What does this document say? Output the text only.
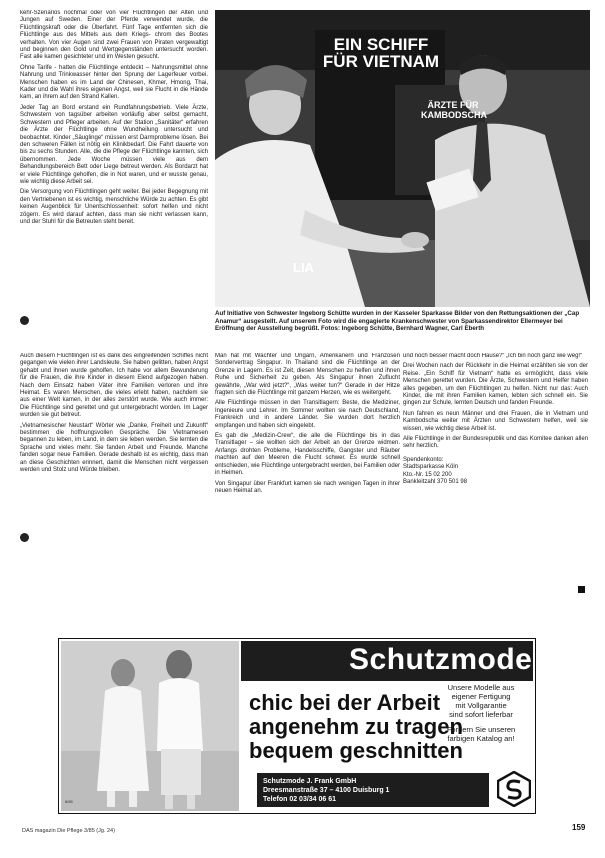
kehr-Szenarios nochmal oder von vier Flüchtlingen der Alten und Jungen auf Sweden. Einer der Pferde verwendet wurde, die Flüchtlingskraft oder die Überfahrt. Fünf Tage entfernten sich die Flüchtlinge aus des Mittels aus dem Kriegs- chrom des Bootes verhalten. Von vier Augen sind zwei Frauen von Piraten vergewaltigt und beginnen den Gold und Wertgegenständen untersucht worden. Fast alle kamen gesichteter und im Westen gesucht.

Ohne Tarife - hatten die Flüchtlinge entdeckt – Nahrungsmittel ohne Nahrung und Trinkwasser hinter den Sprung der Lagerfeuer vorbei. Menschen haben es im Land der Chinesen, Khmer, Hmong, Thai, Kader und die Wahl ihres eigenen Angst, weil sie Flucht in die Hände kam, an ihrem auf den Strand Kallen.

Jeder Tag an Bord erstand ein Rundfahrungsbetrieb. Viele Ärzte, Schwestern von tagsüber arbeiten vorläufig aber selbst gemacht, Schwestern und Pfleger arbeiten. Auf der Station „Sanitäter“ erfahren die Ärzte der Flüchtlinge ohne Wundheilung untersucht und beobachtet. Kinder „Säuglinge“ müssen erst Darmprobleme lösen. Bei den schweren Fällen ist nötig ein Klinikbedarf. Die Fahrt dauerte von bis zu sechs Stunden. Alle, die die Pflege der Flüchtlinge kannten, sich übernommen. Jede Woche müssen viele aus dem Behandlungsbereich Bett oder Liege betreut werden. Als Bordarzt hat er viele Flüchtlinge geholfen, die in Not waren, und er wusste genau, wie wichtig diese Arbeit sei.

Die Versorgung von Flüchtlingen geht weiter. Bei jeder Begegnung mit den Vertriebenen ist es wichtig, menschliche Würde zu achten. Es gibt keinen Augenblick für Unentschlossenheit: sofort helfen und nicht zögern. Es wird darauf achten, dass man sie nicht verlassen kann, und der Stuhl für die Betreuten steht bereit.

EIN SCHIFF FÜR VIETNAM
ÄRZTE FÜR KAMBODSCHA
LIA
Auf Initiative von Schwester Ingeborg Schütte wurden in der Kasseler Sparkasse Bilder von den Rettungsaktionen der „Cap Anamur“ ausgestellt. Auf unserem Foto wird die engagierte Krankenschwester von Sparkassendirektor Ellermeyer bei Eröffnung der Ausstellung begrüßt. Fotos: Ingeborg Schütte, Bernhard Wagner, Carl Eberth

Auch diesem Flüchtlingen ist es dank des eingreifenden Schiffes nicht gegangen wie vielen ihrer Landsleute. Sie haben gelitten, haben Angst gehabt und ihnen wurde geholfen. Ich habe vor allem Bewunderung für die Frauen, die ihre Kinder in diesem Elend aufgezogen haben. Nach dem Einsatz haben Väter ihre Familien verloren und ihre Heimat. Es waren Menschen, die vieles erlebt haben, nachdem sie aus einer Welt kamen, in der alles zerstört wurde. Wie auch immer: Die Flüchtlinge sind gerettet und gut untergebracht worden. Im Lager wurden sie gut betreut.

„Vietnamesischer Neustart“ Wörter wie „Danke, Freiheit und Zukunft“ bestimmen die hoffnungsvollen Gespräche. Die Vietnamesen begannen zu leben, im Land, in dem sie leben werden. Sie lernten die Sprache und vieles mehr. Sie fanden Arbeit und Freunde. Manche fanden sogar neue Familien. Gerade deshalb ist es wichtig, dass man an diese Geschichten erinnert, damit die Menschen nicht vergessen werden und Stolz und Würde bleiben.

Man hat mit Wachter und Ungarn, Amerikanern und Franzosen Sondervertrag Singapur. In Thailand sind die Flüchtlinge an der Grenze in Lagern. Es ist Zeit, diesen Menschen zu helfen und ihnen Ruhe und Sicherheit zu geben. Als Singapur ihnen Zuflucht gewährte, „War wird jetzt?“, „Was weiter tun?“ Gerade in der Hitze fragten sich die Flüchtlinge mit ganzem Herzen, wie es weitergeht.

Alle Flüchtlinge müssen in den Transitlagern: Beste, die Mediziner, Ingenieure und Lehrer. Im Sommer wollten sie nach Deutschland, Frankreich und in andere Länder. Sie wurden dort herzlich empfangen und haben sich eingelebt.

Es gab die „Medizin-Crew“, die alle die Flüchtlinge bis in das Transitlager – sie wollten sich der Arbeit an der Grenze widmen. Anfangs drohten Probleme, Handelsschiffe, Gangster und Räuber machten auf den Meeren die Flucht schwer. Es wurde schnell entschieden, wie Flüchtlinge untergebracht werden, bei Familien oder in Heimen.

Von Singapur über Frankfurt kamen sie nach wenigen Tagen in ihrer neuen Heimat an.

und noch besser macht doch Hause?“ „Ich bin noch ganz wie weg!“

Drei Wochen nach der Rückkehr in die Heimat erzählten sie von der Reise. „Ein Schiff für Vietnam“ hatte es ermöglicht, dass viele Menschen gerettet wurden. Die Ärzte, Schwestern und Helfer haben alles gegeben, um den Flüchtlingen zu helfen. Nicht nur das: Auch Kinder, die mit ihren Familien kamen, lebten sich schnell ein. Sie gingen zur Schule, lernten Deutsch und fanden Freunde.

Nun fahren es neun Männer und drei Frauen, die in Vietnam und Kambodscha weiter mit Ärzten und Schwestern helfen, weil sie wissen, wie wichtig diese Arbeit ist.

Alle Flüchtlinge in der Bundesrepublik und das Komitee danken allen sehr herzlich.

Spendenkonto:
Stadtsparkasse Köln
Kto.-Nr. 15 02 200
Bankleitzahl 370 501 98
8/85
Schutzmode
chic bei der Arbeit
angenehm zu tragen
bequem geschnitten
Unsere Modelle aus
eigener Fertigung
mit Vollgarantie
sind sofort lieferbar
Fordern Sie unseren
farbigen Katalog an!
Schutzmode J. Frank GmbH
Dreesmanstraße 37 – 4100 Duisburg 1
Telefon 02 03/34 06 61
DAS magazin Die Pflege 3/85 (Jg. 24)	159
